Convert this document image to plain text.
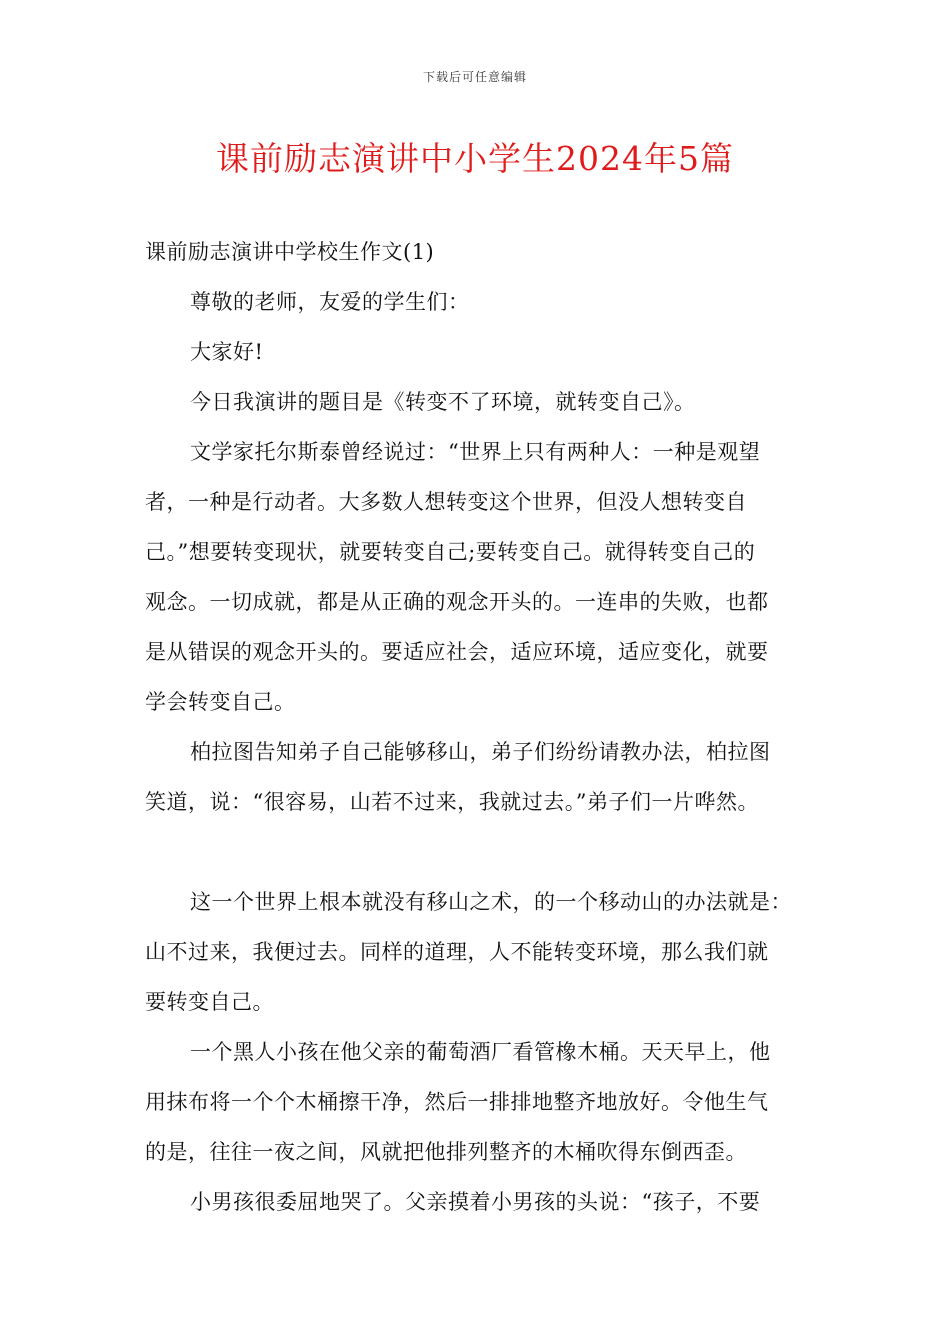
下载后可任意编辑
课前励志演讲中小学生2024年5篇
课前励志演讲中学校生作文(1)
尊敬的老师，友爱的学生们：
大家好!
今日我演讲的题目是《转变不了环境，就转变自己》。
文学家托尔斯泰曾经说过：“世界上只有两种人：一种是观望
者，一种是行动者。大多数人想转变这个世界，但没人想转变自
己。”想要转变现状，就要转变自己;要转变自己。就得转变自己的
观念。一切成就，都是从正确的观念开头的。一连串的失败，也都
是从错误的观念开头的。要适应社会，适应环境，适应变化，就要
学会转变自己。
柏拉图告知弟子自己能够移山，弟子们纷纷请教办法，柏拉图
笑道，说：“很容易，山若不过来，我就过去。”弟子们一片哗然。
这一个世界上根本就没有移山之术，的一个移动山的办法就是：
山不过来，我便过去。同样的道理，人不能转变环境，那么我们就
要转变自己。
一个黑人小孩在他父亲的葡萄酒厂看管橡木桶。天天早上，他
用抹布将一个个木桶擦干净，然后一排排地整齐地放好。令他生气
的是，往往一夜之间，风就把他排列整齐的木桶吹得东倒西歪。
小男孩很委屈地哭了。父亲摸着小男孩的头说：“孩子，不要
